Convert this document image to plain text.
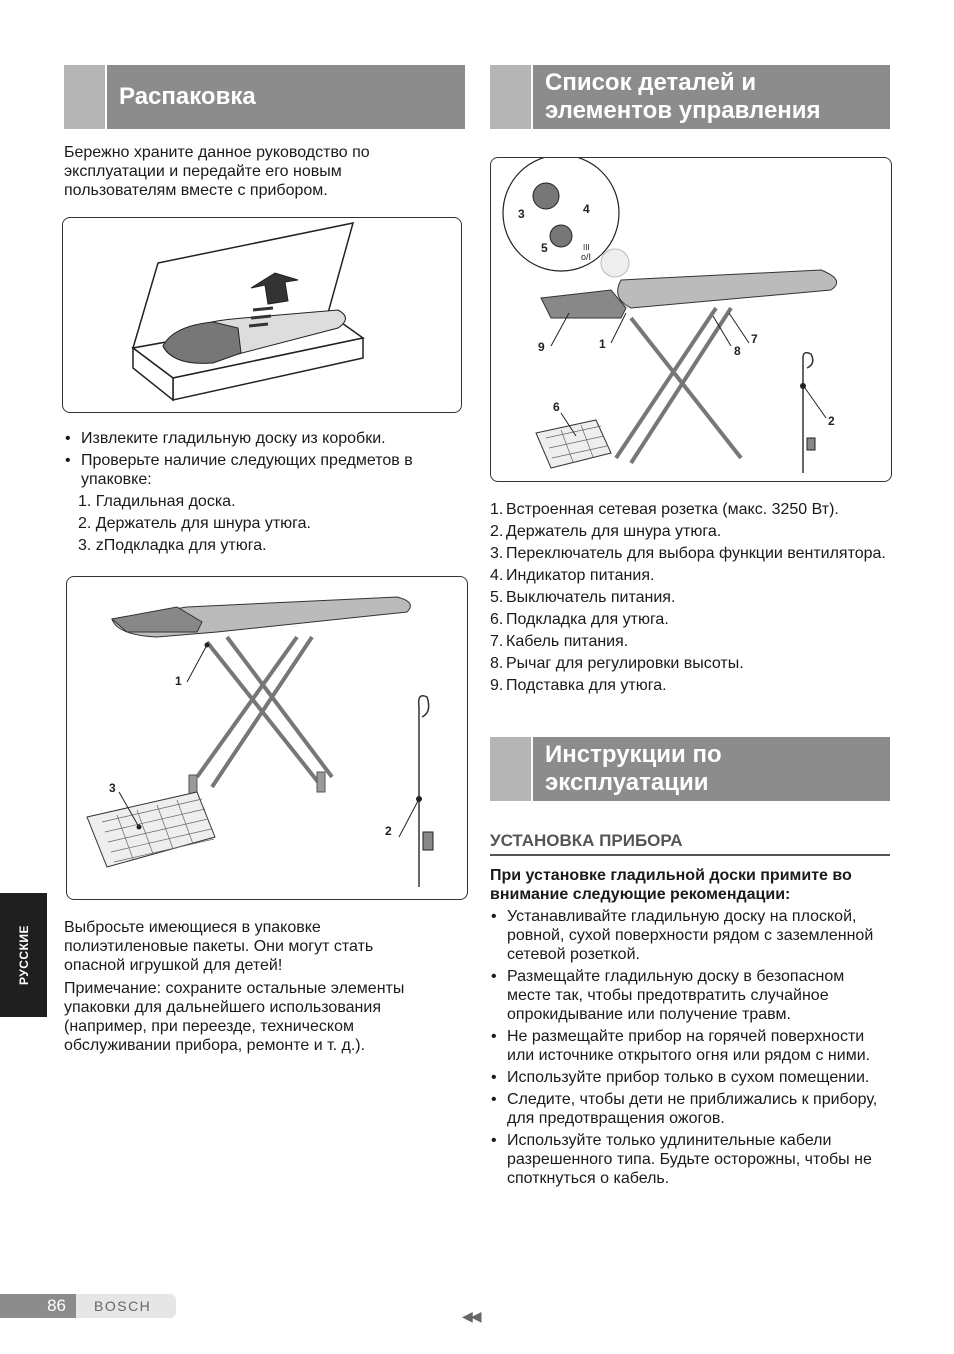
Распаковка
Бережно храните данное руководство по эксплуатации и передайте его новым пользователям вместе с прибором.
• Извлеките гладильную доску из коробки.
• Проверьте наличие следующих предметов в упаковке:
1. Гладильная доска.
2. Держатель для шнура утюга.
3. zПодкладка для утюга.
1
2
3
Выбросьте имеющиеся в упаковке полиэтиленовые пакеты. Они могут стать опасной игрушкой для детей!
Примечание: сохраните остальные элементы упаковки для дальнейшего использования (например, при переезде, техническом обслуживании прибора, ремонте и т. д.).
Список деталей и элементов управления
3	4
5	III
o/I
9	1	8
7
6
2
1. Встроенная сетевая розетка (макс. 3250 Вт).
2. Держатель для шнура утюга.
3. Переключатель для выбора функции вентилятора.
4. Индикатор питания.
5. Выключатель питания.
6. Подкладка для утюга.
7. Кабель питания.
8. Рычаг для регулировки высоты.
9. Подставка для утюга.
Инструкции по эксплуатации
УСТАНОВКА ПРИБОРА
При установке гладильной доски примите во внимание следующие рекомендации:
• Устанавливайте гладильную доску на плоской, ровной, сухой поверхности рядом с заземленной сетевой розеткой.
• Размещайте гладильную доску в безопасном месте так, чтобы предотвратить случайное опрокидывание или получение травм.
• Не размещайте прибор на горячей поверхности или источнике открытого огня или рядом с ними.
• Используйте прибор только в сухом помещении.
• Следите, чтобы дети не приближались к прибору, для предотвращения ожогов.
• Используйте только удлинительные кабели разрешенного типа. Будьте осторожны, чтобы не споткнуться о кабель.
РУССКИЕ
86	BOSCH
◀◀
